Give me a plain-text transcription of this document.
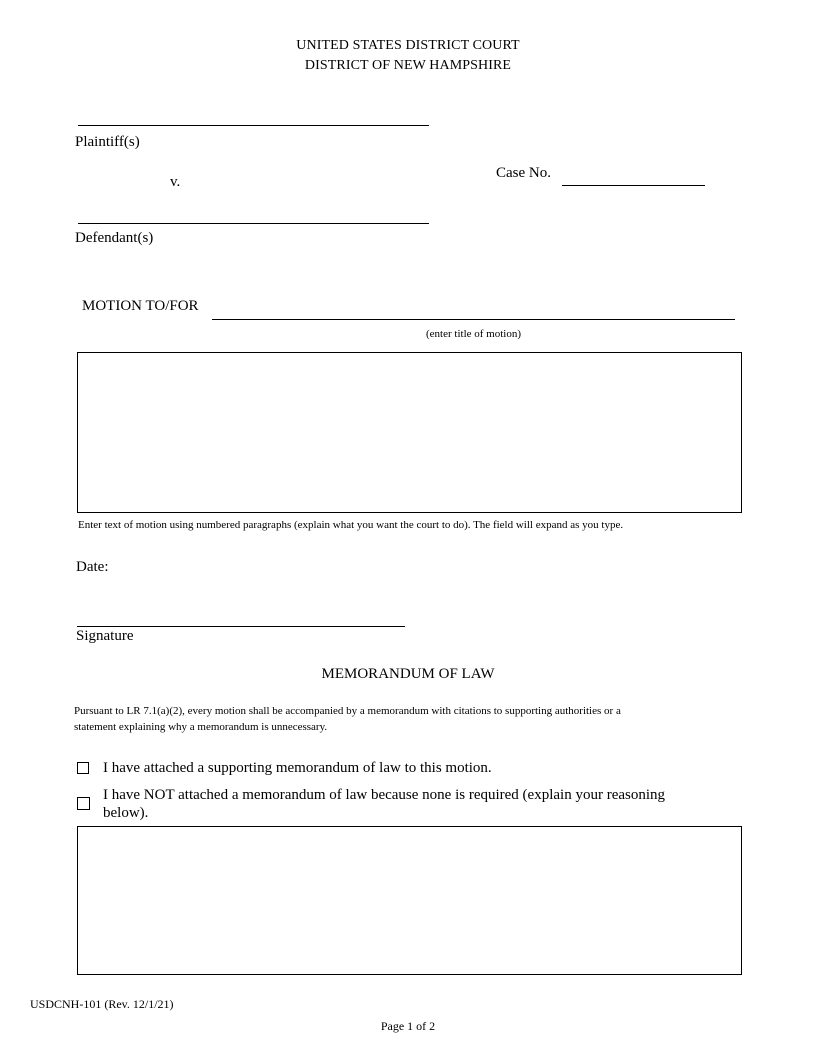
UNITED STATES DISTRICT COURT
DISTRICT OF NEW HAMPSHIRE
Plaintiff(s)
v.
Case No.
Defendant(s)
MOTION TO/FOR
(enter title of motion)
Enter text of motion using numbered paragraphs (explain what you want the court to do). The field will expand as you type.
Date:
Signature
MEMORANDUM OF LAW
Pursuant to LR 7.1(a)(2), every motion shall be accompanied by a memorandum with citations to supporting authorities or a
statement explaining why a memorandum is unnecessary.
I have attached a supporting memorandum of law to this motion.
I have NOT attached a memorandum of law because none is required (explain your reasoning
below).
USDCNH-101 (Rev. 12/1/21)
Page 1 of 2
